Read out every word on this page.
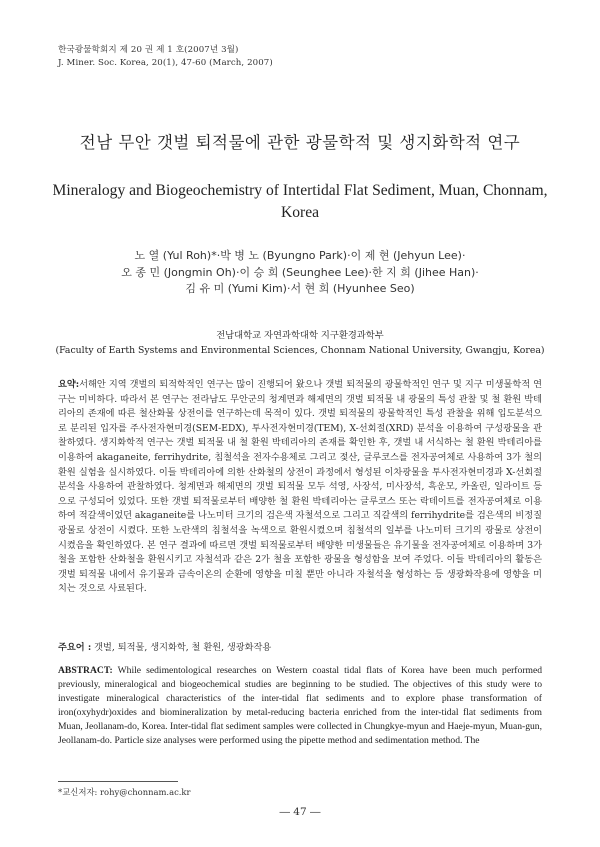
한국광물학회지 제 20 권 제 1 호(2007년 3월)
J. Miner. Soc. Korea, 20(1), 47-60 (March, 2007)
전남 무안 갯벌 퇴적물에 관한 광물학적 및 생지화학적 연구
Mineralogy and Biogeochemistry of Intertidal Flat Sediment, Muan, Chonnam, Korea
노 열 (Yul Roh)*·박 병 노 (Byungno Park)·이 제 현 (Jehyun Lee)·
오 종 민 (Jongmin Oh)·이 승 희 (Seunghee Lee)·한 지 희 (Jihee Han)·
김 유 미 (Yumi Kim)·서 현 희 (Hyunhee Seo)
전남대학교 자연과학대학 지구환경과학부
(Faculty of Earth Systems and Environmental Sciences, Chonnam National University, Gwangju, Korea)
요약:서해안 지역 갯벌의 퇴적학적인 연구는 많이 진행되어 왔으나 갯벌 퇴적물의 광물학적인 연구 및 지구 미생물학적 연구는 미비하다. 따라서 본 연구는 전라남도 무안군의 청계면과 해제면의 갯벌 퇴적물 내 광물의 특성 관찰 및 철 환원 박테리아의 존재에 따른 철산화물 상전이를 연구하는데 목적이 있다. 갯벌 퇴적물의 광물학적인 특성 관찰을 위해 입도분석으로 분리된 입자를 주사전자현미경(SEM-EDX), 투사전자현미경(TEM), X-선회절(XRD) 분석을 이용하여 구성광물을 관찰하였다. 생지화학적 연구는 갯벌 퇴적물 내 철 환원 박테리아의 존재를 확인한 후, 갯벌 내 서식하는 철 환원 박테리아를 이용하여 akaganeite, ferrihydrite, 침철석을 전자수용체로 그리고 젖산, 글루코스를 전자공여체로 사용하여 3가 철의 환원 실험을 실시하였다. 이들 박테리아에 의한 산화철의 상전이 과정에서 형성된 이차광물을 투사전자현미경과 X-선회절 분석을 사용하여 관찰하였다. 청계면과 해제면의 갯벌 퇴적물 모두 석영, 사장석, 미사장석, 흑운모, 카올린, 일라이트 등으로 구성되어 있었다. 또한 갯벌 퇴적물로부터 배양한 철 환원 박테리아는 글루코스 또는 락테이트를 전자공여체로 이용하여 적갈색이었던 akaganeite를 나노미터 크기의 검은색 자철석으로 그리고 직갈색의 ferrihydrite를 검은색의 비정질 광물로 상전이 시켰다. 또한 노란색의 침철석을 녹색으로 환원시켰으며 침철석의 일부를 나노미터 크기의 광물로 상전이 시켰음을 확인하였다. 본 연구 결과에 따르면 갯벌 퇴적물로부터 배양한 미생물들은 유기물을 전자공여체로 이용하며 3가철을 포함한 산화철을 환원시키고 자철석과 같은 2가 철을 포함한 광물을 형성함을 보여 주었다. 이들 박테리아의 활동은 갯벌 퇴적물 내에서 유기물과 금속이온의 순환에 영향을 미칠 뿐만 아니라 자철석을 형성하는 등 생광화작용에 영향을 미치는 것으로 사료된다.
주요어 : 갯벌, 퇴적물, 생지화학, 철 환원, 생광화작용
ABSTRACT: While sedimentological researches on Western coastal tidal flats of Korea have been much performed previously, mineralogical and biogeochemical studies are beginning to be studied. The objectives of this study were to investigate mineralogical characteristics of the inter-tidal flat sediments and to explore phase transformation of iron(oxyhydr)oxides and biomineralization by metal-reducing bacteria enriched from the inter-tidal flat sediments from Muan, Jeollanam-do, Korea. Inter-tidal flat sediment samples were collected in Chungkye-myun and Haeje-myun, Muan-gun, Jeollanam-do. Particle size analyses were performed using the pipette method and sedimentation method. The
*교신저자: rohy@chonnam.ac.kr
― 47 ―
